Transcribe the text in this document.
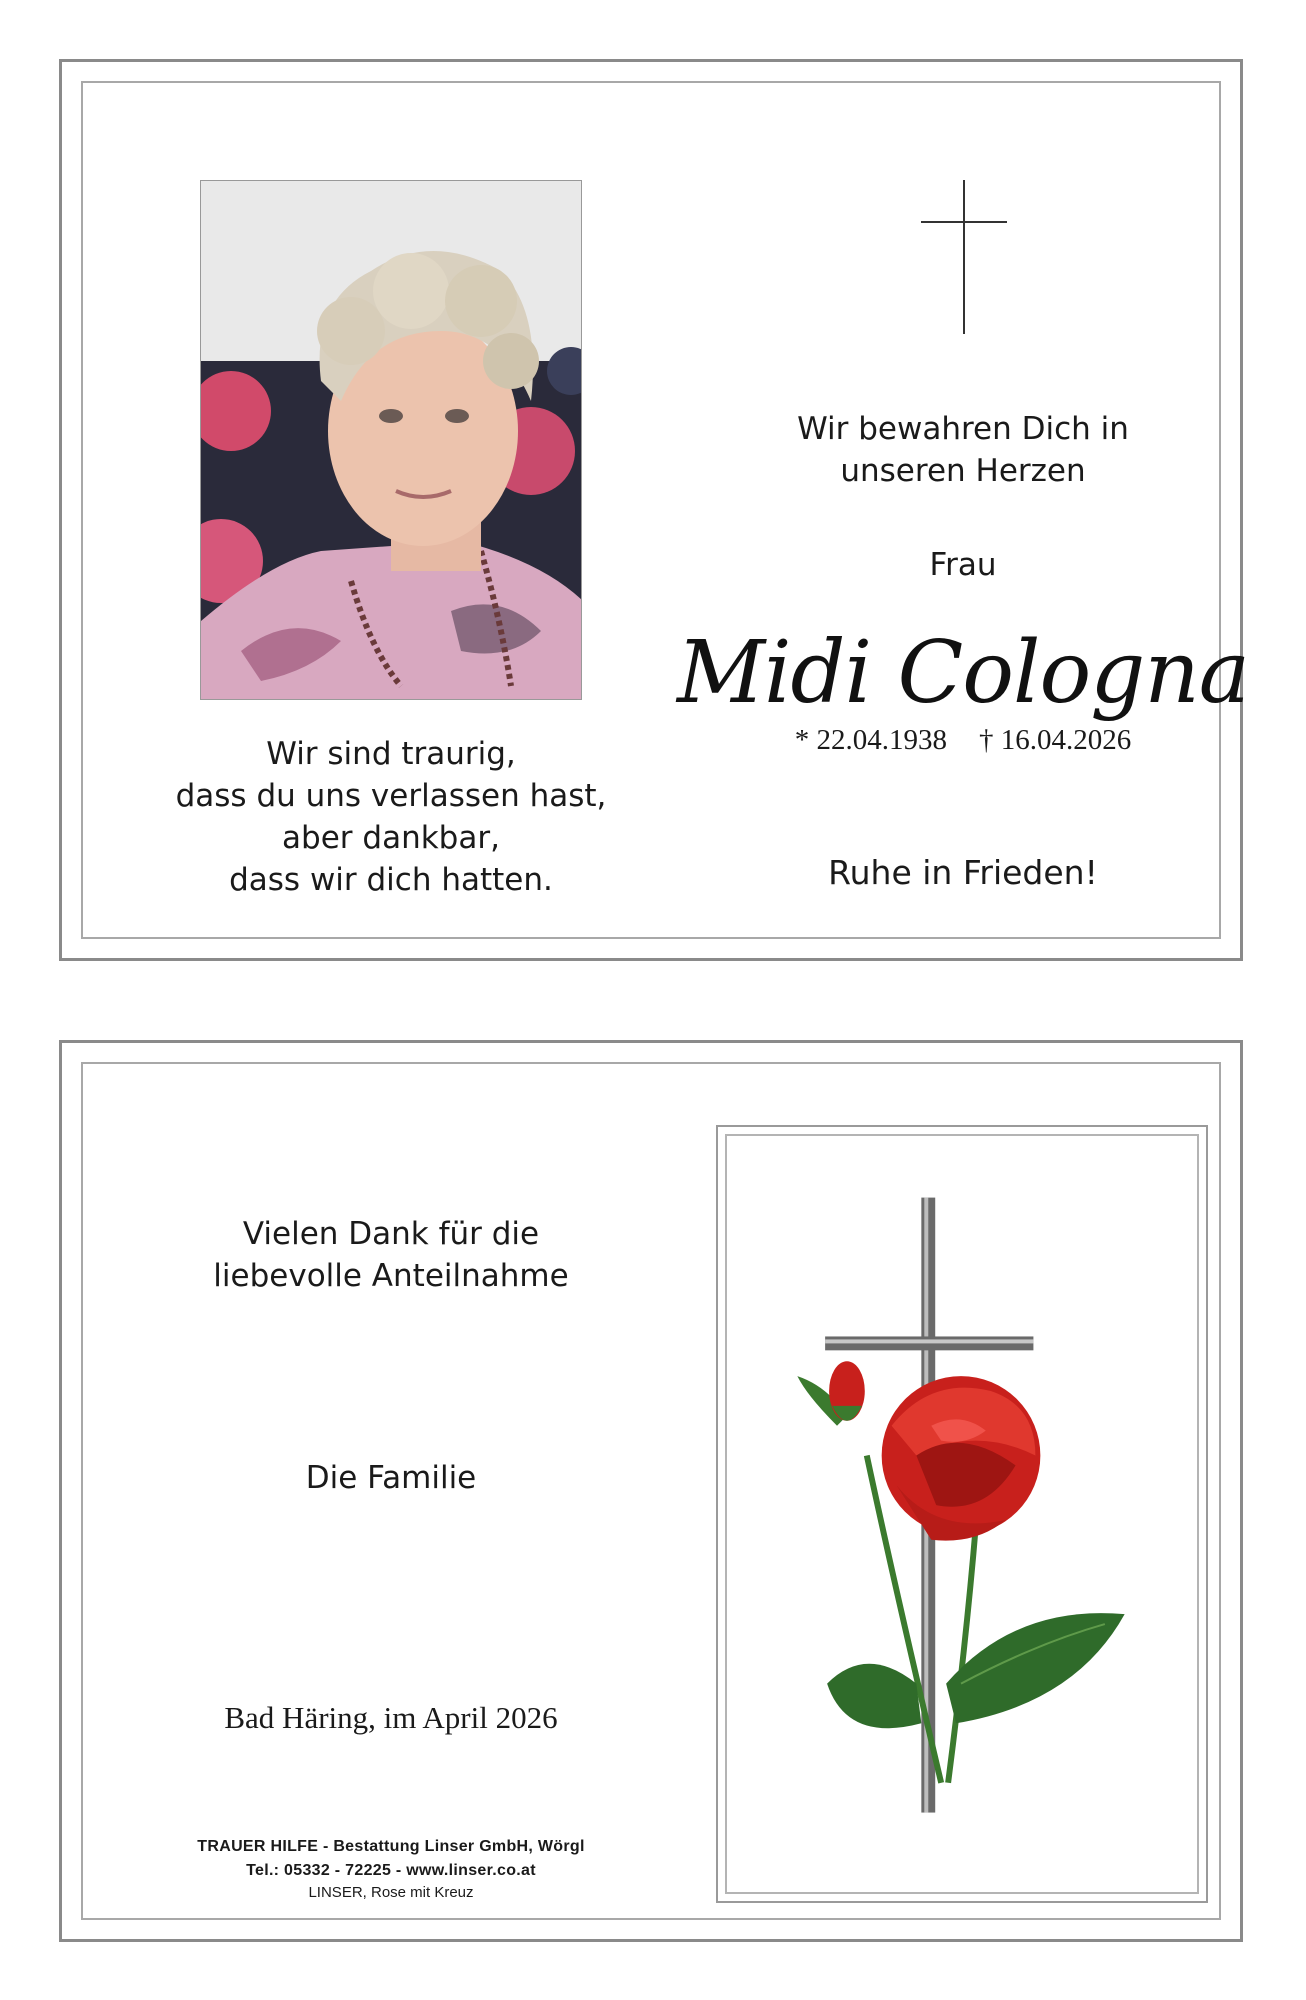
Wir bewahren Dich in
unseren Herzen
Frau
Midi Cologna
* 22.04.1938 † 16.04.2026
Wir sind traurig,
dass du uns verlassen hast,
aber dankbar,
dass wir dich hatten.	Ruhe in Frieden!
Vielen Dank für die
liebevolle Anteilnahme
Die Familie
Bad Häring, im April 2026
TRAUER HILFE - Bestattung Linser GmbH, Wörgl
Tel.: 05332 - 72225 - www.linser.co.at
LINSER, Rose mit Kreuz
